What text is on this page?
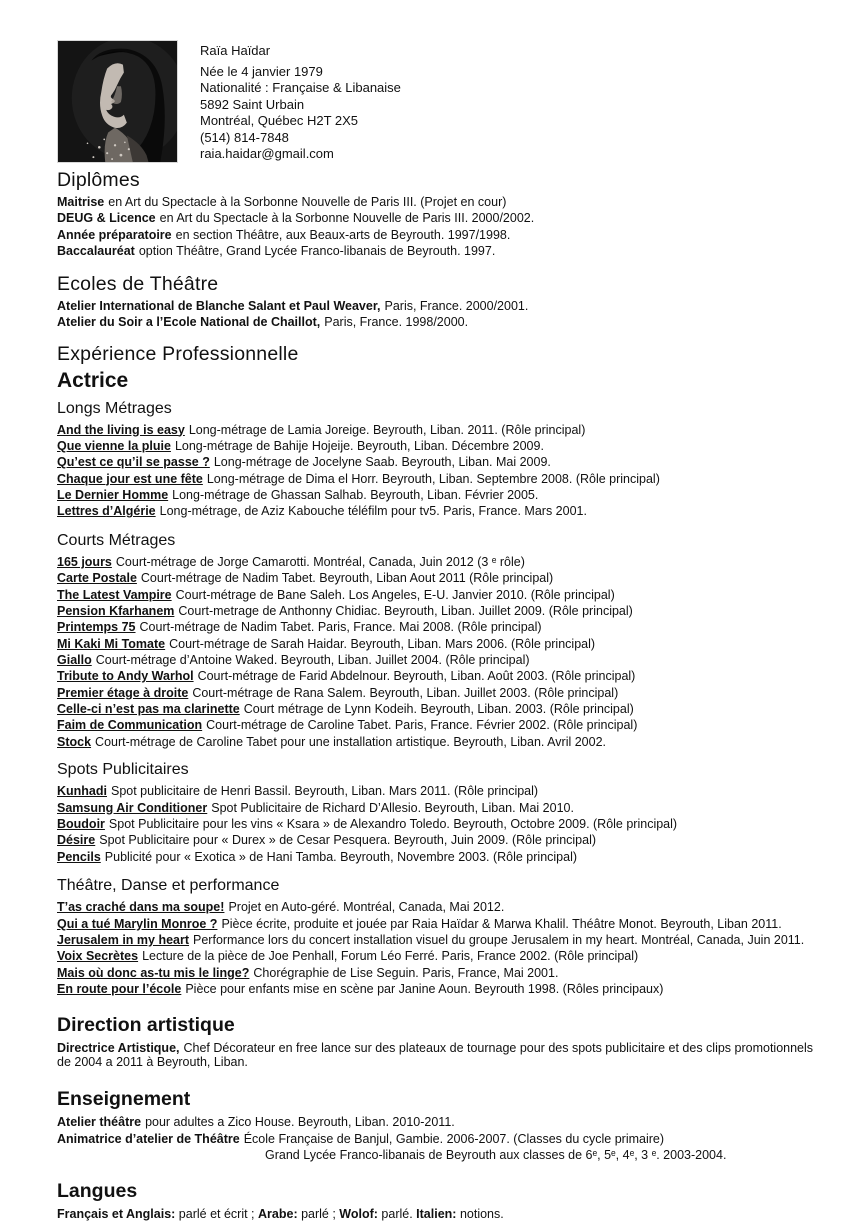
Raïa Haïdar

Née le 4 janvier 1979

Nationalité : Française & Libanaise

5892 Saint Urbain

Montréal, Québec H2T 2X5

(514) 814-7848

raia.haidar@gmail.com

Diplômes

Maitrise en Art du Spectacle à la Sorbonne Nouvelle de Paris III. (Projet en cour)

DEUG & Licence en Art du Spectacle à la Sorbonne Nouvelle de Paris III. 2000/2002.

Année préparatoire en section Théâtre, aux Beaux-arts de Beyrouth. 1997/1998.

Baccalauréat option Théâtre, Grand Lycée Franco-libanais de Beyrouth. 1997.

Ecoles de Théâtre

Atelier International de Blanche Salant et Paul Weaver, Paris, France. 2000/2001.

Atelier du Soir a l’Ecole National de Chaillot, Paris, France. 1998/2000.

Expérience Professionnelle

Actrice

Longs Métrages

And the living is easy Long-métrage de Lamia Joreige. Beyrouth, Liban. 2011. (Rôle principal)

Que vienne la pluie Long-métrage de Bahije Hojeije. Beyrouth, Liban. Décembre 2009.

Qu’est ce qu’il se passe ? Long-métrage de Jocelyne Saab. Beyrouth, Liban. Mai 2009.

Chaque jour est une fête Long-métrage de Dima el Horr. Beyrouth, Liban. Septembre 2008. (Rôle principal)

Le Dernier Homme Long-métrage de Ghassan Salhab. Beyrouth, Liban. Février 2005.

Lettres d’Algérie Long-métrage, de Aziz Kabouche téléfilm pour tv5. Paris, France. Mars 2001.

Courts Métrages

165 jours Court-métrage de Jorge Camarotti. Montréal, Canada, Juin 2012 (3 ᵉ rôle)

Carte Postale Court-métrage de Nadim Tabet. Beyrouth, Liban Aout 2011 (Rôle principal)

The Latest Vampire Court-métrage de Bane Saleh. Los Angeles, E-U. Janvier 2010. (Rôle principal)

Pension Kfarhanem Court-metrage de Anthonny Chidiac. Beyrouth, Liban. Juillet 2009. (Rôle principal)

Printemps 75 Court-métrage de Nadim Tabet. Paris, France. Mai 2008. (Rôle principal)

Mi Kaki Mi Tomate Court-métrage de Sarah Haidar. Beyrouth, Liban. Mars 2006. (Rôle principal)

Giallo Court-métrage d’Antoine Waked. Beyrouth, Liban. Juillet 2004. (Rôle principal)

Tribute to Andy Warhol Court-métrage de Farid Abdelnour. Beyrouth, Liban. Août 2003. (Rôle principal)

Premier étage à droite Court-métrage de Rana Salem. Beyrouth, Liban. Juillet 2003. (Rôle principal)

Celle-ci n’est pas ma clarinette Court métrage de Lynn Kodeih. Beyrouth, Liban. 2003. (Rôle principal)

Faim de Communication Court-métrage de Caroline Tabet. Paris, France. Février 2002. (Rôle principal)

Stock Court-métrage de Caroline Tabet pour une installation artistique. Beyrouth, Liban. Avril 2002.

Spots Publicitaires

Kunhadi Spot publicitaire de Henri Bassil. Beyrouth, Liban. Mars 2011. (Rôle principal)

Samsung Air Conditioner Spot Publicitaire de Richard D’Allesio. Beyrouth, Liban. Mai 2010.

Boudoir Spot Publicitaire pour les vins « Ksara » de Alexandro Toledo. Beyrouth, Octobre 2009. (Rôle principal)

Désire Spot Publicitaire pour « Durex » de Cesar Pesquera. Beyrouth, Juin 2009. (Rôle principal)

Pencils Publicité pour « Exotica » de Hani Tamba. Beyrouth, Novembre 2003. (Rôle principal)

Théâtre, Danse et performance

T’as craché dans ma soupe! Projet en Auto-géré. Montréal, Canada, Mai 2012.

Qui a tué Marylin Monroe ? Pièce écrite, produite et jouée par Raia Haïdar & Marwa Khalil. Théâtre Monot. Beyrouth, Liban 2011.

Jerusalem in my heart Performance lors du concert installation visuel du groupe Jerusalem in my heart. Montréal, Canada, Juin 2011.

Voix Secrètes Lecture de la pièce de Joe Penhall, Forum Léo Ferré. Paris, France 2002. (Rôle principal)

Mais où donc as-tu mis le linge? Chorégraphie de Lise Seguin. Paris, France, Mai 2001.

En route pour l’école Pièce pour enfants mise en scène par Janine Aoun. Beyrouth 1998. (Rôles principaux)

Direction artistique

Directrice Artistique, Chef Décorateur en free lance sur des plateaux de tournage pour des spots publicitaire et des clips promotionnels de 2004 a 2011 à Beyrouth, Liban.

Enseignement

Atelier théâtre pour adultes a Zico House. Beyrouth, Liban. 2010-2011.

Animatrice d’atelier de Théâtre École Française de Banjul, Gambie. 2006-2007. (Classes du cycle primaire)

Grand Lycée Franco-libanais de Beyrouth aux classes de 6ᵉ, 5ᵉ, 4ᵉ, 3 ᵉ. 2003-2004.

Langues

Français et Anglais: parlé et écrit ; Arabe: parlé ; Wolof: parlé. Italien: notions.
